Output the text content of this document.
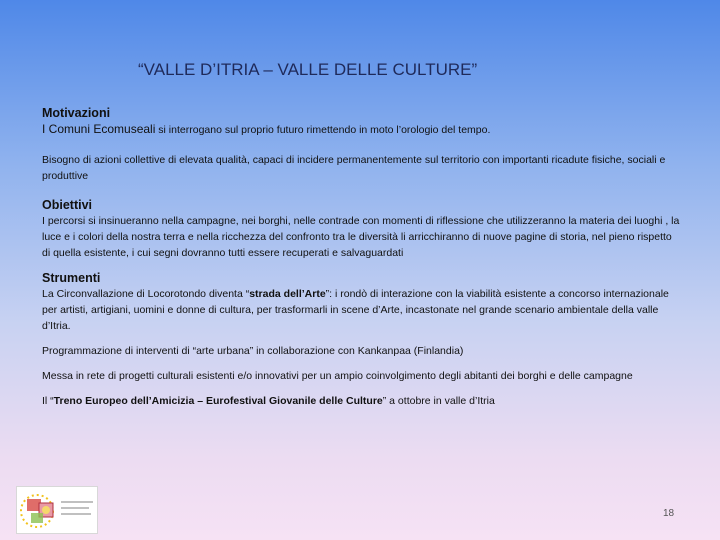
“VALLE D’ITRIA – VALLE DELLE CULTURE”

Motivazioni

I Comuni Ecomuseali si interrogano sul proprio futuro rimettendo in moto l’orologio del tempo.

Bisogno di azioni collettive di elevata qualità, capaci di incidere permanentemente sul territorio con importanti ricadute fisiche, sociali e produttive

Obiettivi

I percorsi si insinueranno nella campagne, nei borghi, nelle contrade con momenti di riflessione che utilizzeranno la materia dei luoghi , la luce e i colori della nostra terra e nella ricchezza del confronto tra le diversità li arricchiranno di nuove pagine di storia, nel pieno rispetto di quella esistente, i cui segni dovranno tutti essere recuperati e salvaguardati

Strumenti

La Circonvallazione di Locorotondo diventa “strada dell’Arte”: i rondò di interazione con la viabilità esistente a concorso internazionale per artisti, artigiani, uomini e donne di cultura, per trasformarli in scene d’Arte, incastonate nel grande scenario ambientale della valle d’Itria.

Programmazione di interventi di “arte urbana” in collaborazione con Kankanpaa (Finlandia)

Messa in rete di progetti culturali esistenti e/o innovativi per un ampio coinvolgimento degli abitanti dei borghi e delle campagne

Il “Treno Europeo dell’Amicizia – Eurofestival Giovanile delle Culture” a ottobre in valle d’Itria

18
